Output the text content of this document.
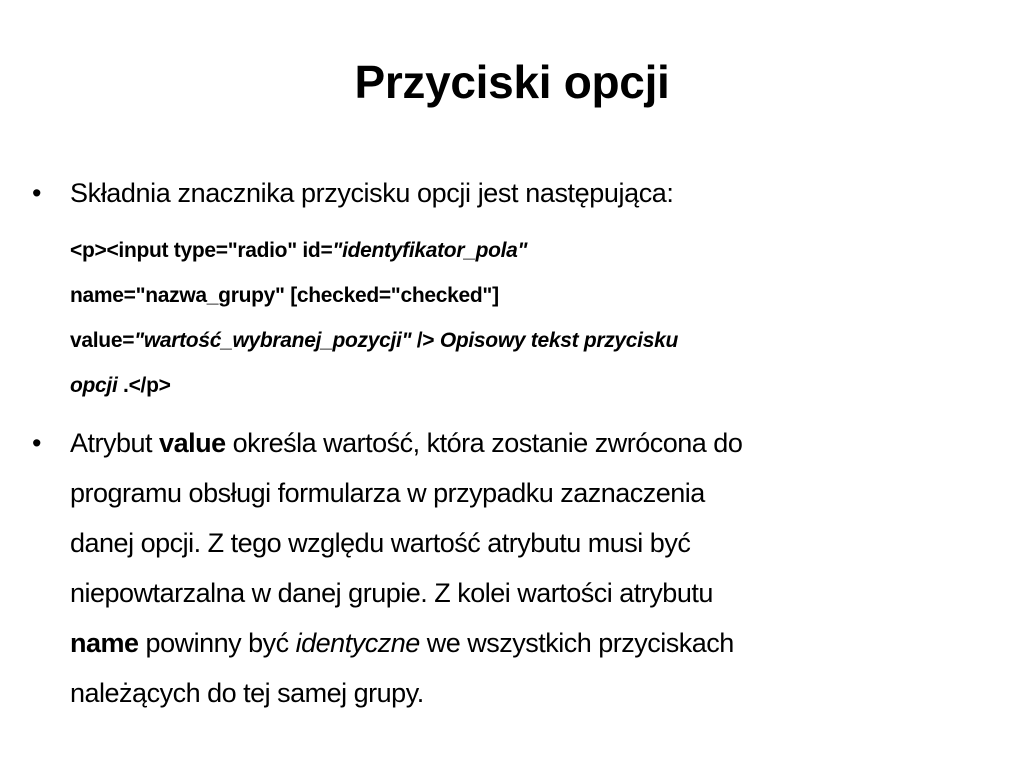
Przyciski opcji
• Składnia znacznika przycisku opcji jest następująca:
<p><input type="radio" id="identyfikator_pola"
name="nazwa_grupy" [checked="checked"]
value="wartość_wybranej_pozycji" /> Opisowy tekst przycisku
opcji .</p>
• Atrybut value określa wartość, która zostanie zwrócona do
programu obsługi formularza w przypadku zaznaczenia
danej opcji. Z tego względu wartość atrybutu musi być
niepowtarzalna w danej grupie. Z kolei wartości atrybutu
name powinny być identyczne we wszystkich przyciskach
należących do tej samej grupy.
